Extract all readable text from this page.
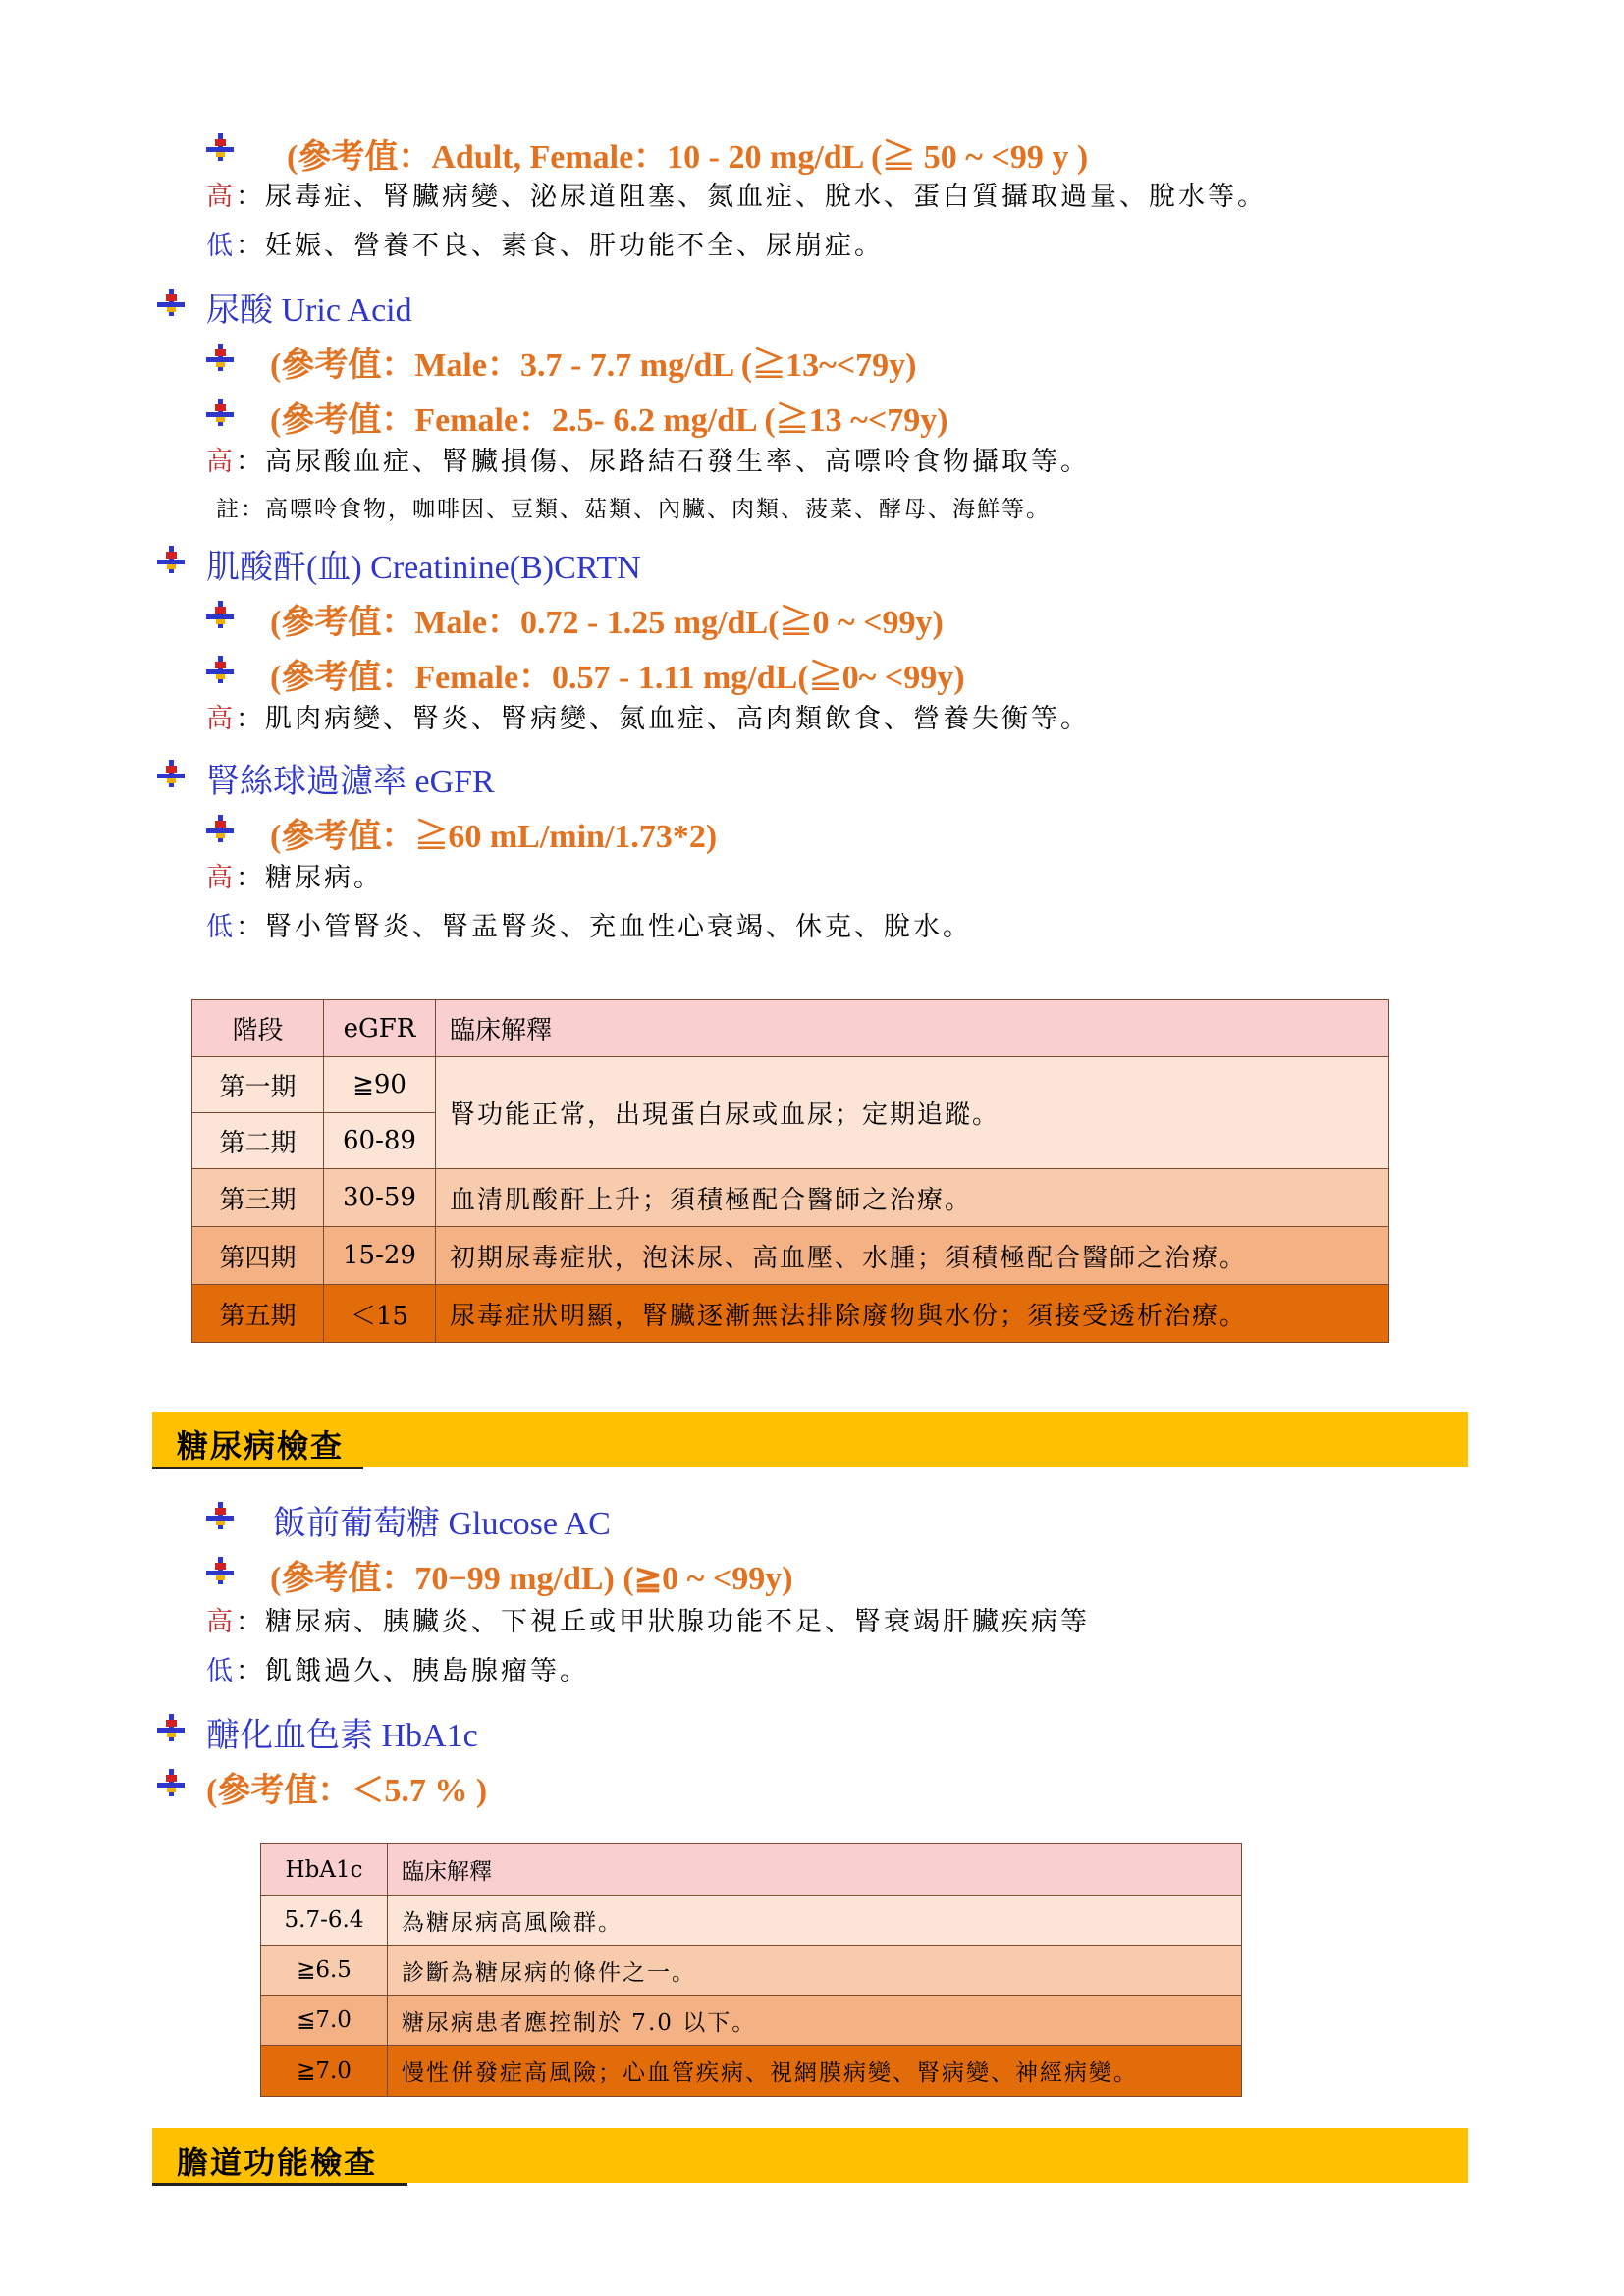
(參考值：Adult, Female：10 - 20 mg/dL (≧ 50 ~ <99 y )
高：尿毒症、腎臟病變、泌尿道阻塞、氮血症、脫水、蛋白質攝取過量、脫水等。
低：妊娠、營養不良、素食、肝功能不全、尿崩症。
尿酸 Uric Acid
(參考值：Male：3.7 - 7.7 mg/dL (≧13~<79y)
(參考值：Female：2.5- 6.2 mg/dL (≧13 ~<79y)
高：高尿酸血症、腎臟損傷、尿路結石發生率、高嘌呤食物攝取等。
註：高嘌呤食物，咖啡因、豆類、菇類、內臟、肉類、菠菜、酵母、海鮮等。
肌酸酐(血) Creatinine(B)CRTN
(參考值：Male：0.72 - 1.25 mg/dL(≧0 ~ <99y)
(參考值：Female：0.57 - 1.11 mg/dL(≧0~ <99y)
高：肌肉病變、腎炎、腎病變、氮血症、高肉類飲食、營養失衡等。
腎絲球過濾率 eGFR
(參考值：≧60 mL/min/1.73*2)
高：糖尿病。
低：腎小管腎炎、腎盂腎炎、充血性心衰竭、休克、脫水。
階段	eGFR	臨床解釋
第一期	≧90	腎功能正常，出現蛋白尿或血尿；定期追蹤。
第二期	60-89	
第三期	30-59	血清肌酸酐上升；須積極配合醫師之治療。
第四期	15-29	初期尿毒症狀，泡沫尿、高血壓、水腫；須積極配合醫師之治療。
第五期	＜15	尿毒症狀明顯，腎臟逐漸無法排除廢物與水份；須接受透析治療。
糖尿病檢查
飯前葡萄糖 Glucose AC
(參考值：70−99 mg/dL) (≧0 ~ <99y)
高：糖尿病、胰臟炎、下視丘或甲狀腺功能不足、腎衰竭肝臟疾病等
低：飢餓過久、胰島腺瘤等。
醣化血色素 HbA1c
(參考值：＜5.7 % )
HbA1c	臨床解釋
5.7-6.4	為糖尿病高風險群。
≧6.5	診斷為糖尿病的條件之一。
≦7.0	糖尿病患者應控制於 7.0 以下。
≧7.0	慢性併發症高風險；心血管疾病、視網膜病變、腎病變、神經病變。
膽道功能檢查
